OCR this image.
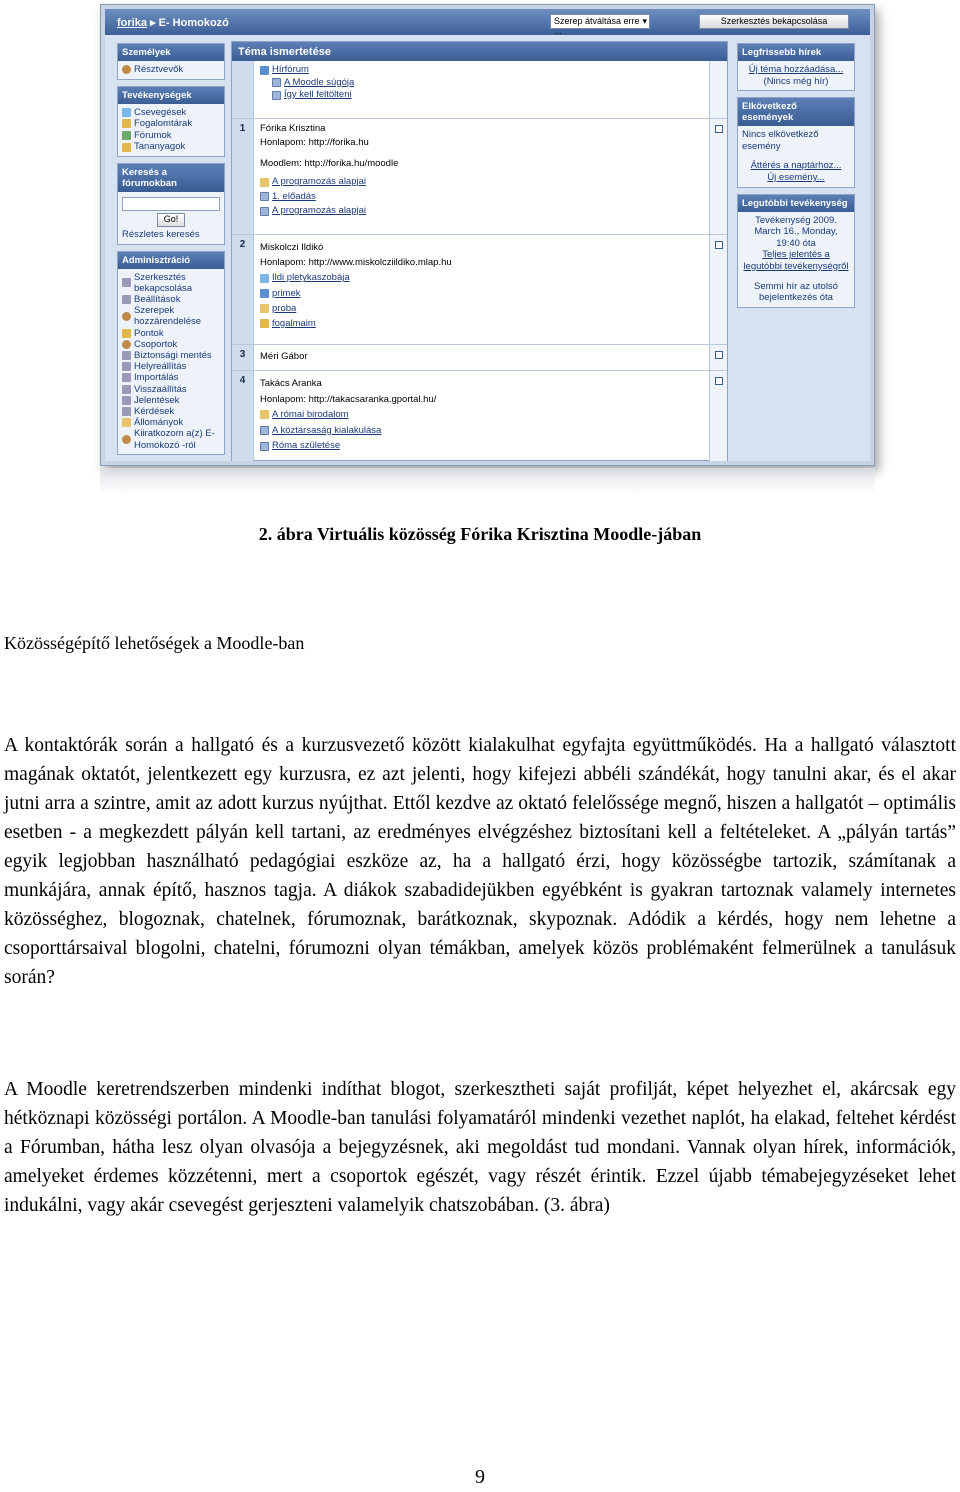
forika ▸ E- Homokozó	Szerep átváltása erre ...
▾	Szerkesztés bekapcsolása
Személyek
Résztvevők
Tevékenységek
Csevegések
Fogalomtárak
Fórumok
Tananyagok
Keresés a fórumokban
Go!
Részletes keresés
Adminisztráció
Szerkesztés bekapcsolása
Beállítások
Szerepek hozzárendelése
Pontok
Csoportok
Biztonsági mentés
Helyreállítás
Importálás
Visszaállítás
Jelentések
Kérdések
Állományok
Kiiratkozom a(z) E-Homokozó -ról
Téma ismertetése
Hírfórum
A Moodle súgója
Így kell feltölteni
1	Fórika Krisztina
Honlapom: http://forika.hu
Moodlem: http://forika.hu/moodle
A programozás alapjai
1. előadás
A programozás alapjai
2	Miskolczi Ildikó
Honlapom: http://www.miskolcziildiko.mlap.hu
Ildi pletykaszobája
primek
proba
fogalmaim
3	Méri Gábor
4	Takács Aranka
Honlapom: http://takacsaranka.gportal.hu/
A római birodalom
A köztársaság kialakulása
Róma születése
Legfrissebb hírek
Új téma hozzáadása...
(Nincs még hír)
Elkövetkező események
Nincs elkövetkező esemény
Áttérés a naptárhoz...
Új esemény...
Legutóbbi tevékenység
Tevékenység 2009. March 16., Monday, 19:40 óta
Teljes jelentés a legutóbbi tevékenységről
Semmi hír az utolsó bejelentkezés óta
2. ábra Virtuális közösség Fórika Krisztina Moodle-jában
Közösségépítő lehetőségek a Moodle-ban

A kontaktórák során a hallgató és a kurzusvezető között kialakulhat egyfajta együttműködés. Ha a hallgató választott magának oktatót, jelentkezett egy kurzusra, ez azt jelenti, hogy kifejezi abbéli szándékát, hogy tanulni akar, és el akar jutni arra a szintre, amit az adott kurzus nyújthat. Ettől kezdve az oktató felelőssége megnő, hiszen a hallgatót – optimális esetben - a megkezdett pályán kell tartani, az eredményes elvégzéshez biztosítani kell a feltételeket. A „pályán tartás” egyik legjobban használható pedagógiai eszköze az, ha a hallgató érzi, hogy közösségbe tartozik, számítanak a munkájára, annak építő, hasznos tagja. A diákok szabadidejükben egyébként is gyakran tartoznak valamely internetes közösséghez, blogoznak, chatelnek, fórumoznak, barátkoznak, skypoznak. Adódik a kérdés, hogy nem lehetne a csoporttársaival blogolni, chatelni, fórumozni olyan témákban, amelyek közös problémaként felmerülnek a tanulásuk során?

A Moodle keretrendszerben mindenki indíthat blogot, szerkesztheti saját profilját, képet helyezhet el, akárcsak egy hétköznapi közösségi portálon. A Moodle-ban tanulási folyamatáról mindenki vezethet naplót, ha elakad, feltehet kérdést a Fórumban, hátha lesz olyan olvasója a bejegyzésnek, aki megoldást tud mondani. Vannak olyan hírek, információk, amelyeket érdemes közzétenni, mert a csoportok egészét, vagy részét érintik. Ezzel újabb témabejegyzéseket lehet indukálni, vagy akár csevegést gerjeszteni valamelyik chatszobában. (3. ábra)

9
